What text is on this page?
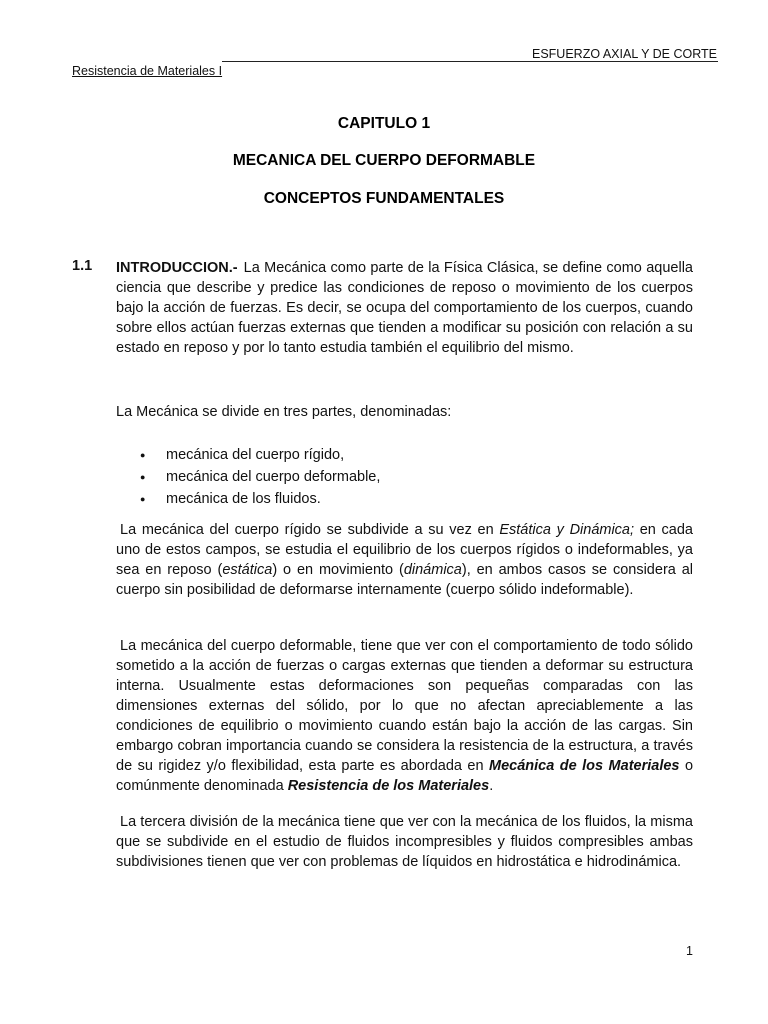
ESFUERZO AXIAL Y DE CORTE
Resistencia de Materiales I
CAPITULO 1
MECANICA DEL CUERPO DEFORMABLE
CONCEPTOS FUNDAMENTALES
1.1 INTRODUCCION.- La Mecánica como parte de la Física Clásica, se define como aquella ciencia que describe y predice las condiciones de reposo o movimiento de los cuerpos bajo la acción de fuerzas. Es decir, se ocupa del comportamiento de los cuerpos, cuando sobre ellos actúan fuerzas externas que tienden a modificar su posición con relación a su estado en reposo y por lo tanto estudia también el equilibrio del mismo.
La Mecánica se divide en tres partes, denominadas:
● mecánica del cuerpo rígido,
● mecánica del cuerpo deformable,
● mecánica de los fluidos.
La mecánica del cuerpo rígido se subdivide a su vez en Estática y Dinámica; en cada uno de estos campos, se estudia el equilibrio de los cuerpos rígidos o indeformables, ya sea en reposo (estática) o en movimiento (dinámica), en ambos casos se considera al cuerpo sin posibilidad de deformarse internamente (cuerpo sólido indeformable).
La mecánica del cuerpo deformable, tiene que ver con el comportamiento de todo sólido sometido a la acción de fuerzas o cargas externas que tienden a deformar su estructura interna. Usualmente estas deformaciones son pequeñas comparadas con las dimensiones externas del sólido, por lo que no afectan apreciablemente a las condiciones de equilibrio o movimiento cuando están bajo la acción de las cargas. Sin embargo cobran importancia cuando se considera la resistencia de la estructura, a través de su rigidez y/o flexibilidad, esta parte es abordada en Mecánica de los Materiales o comúnmente denominada Resistencia de los Materiales.
La tercera división de la mecánica tiene que ver con la mecánica de los fluidos, la misma que se subdivide en el estudio de fluidos incompresibles y fluidos compresibles ambas subdivisiones tienen que ver con problemas de líquidos en hidrostática e hidrodinámica.
1
